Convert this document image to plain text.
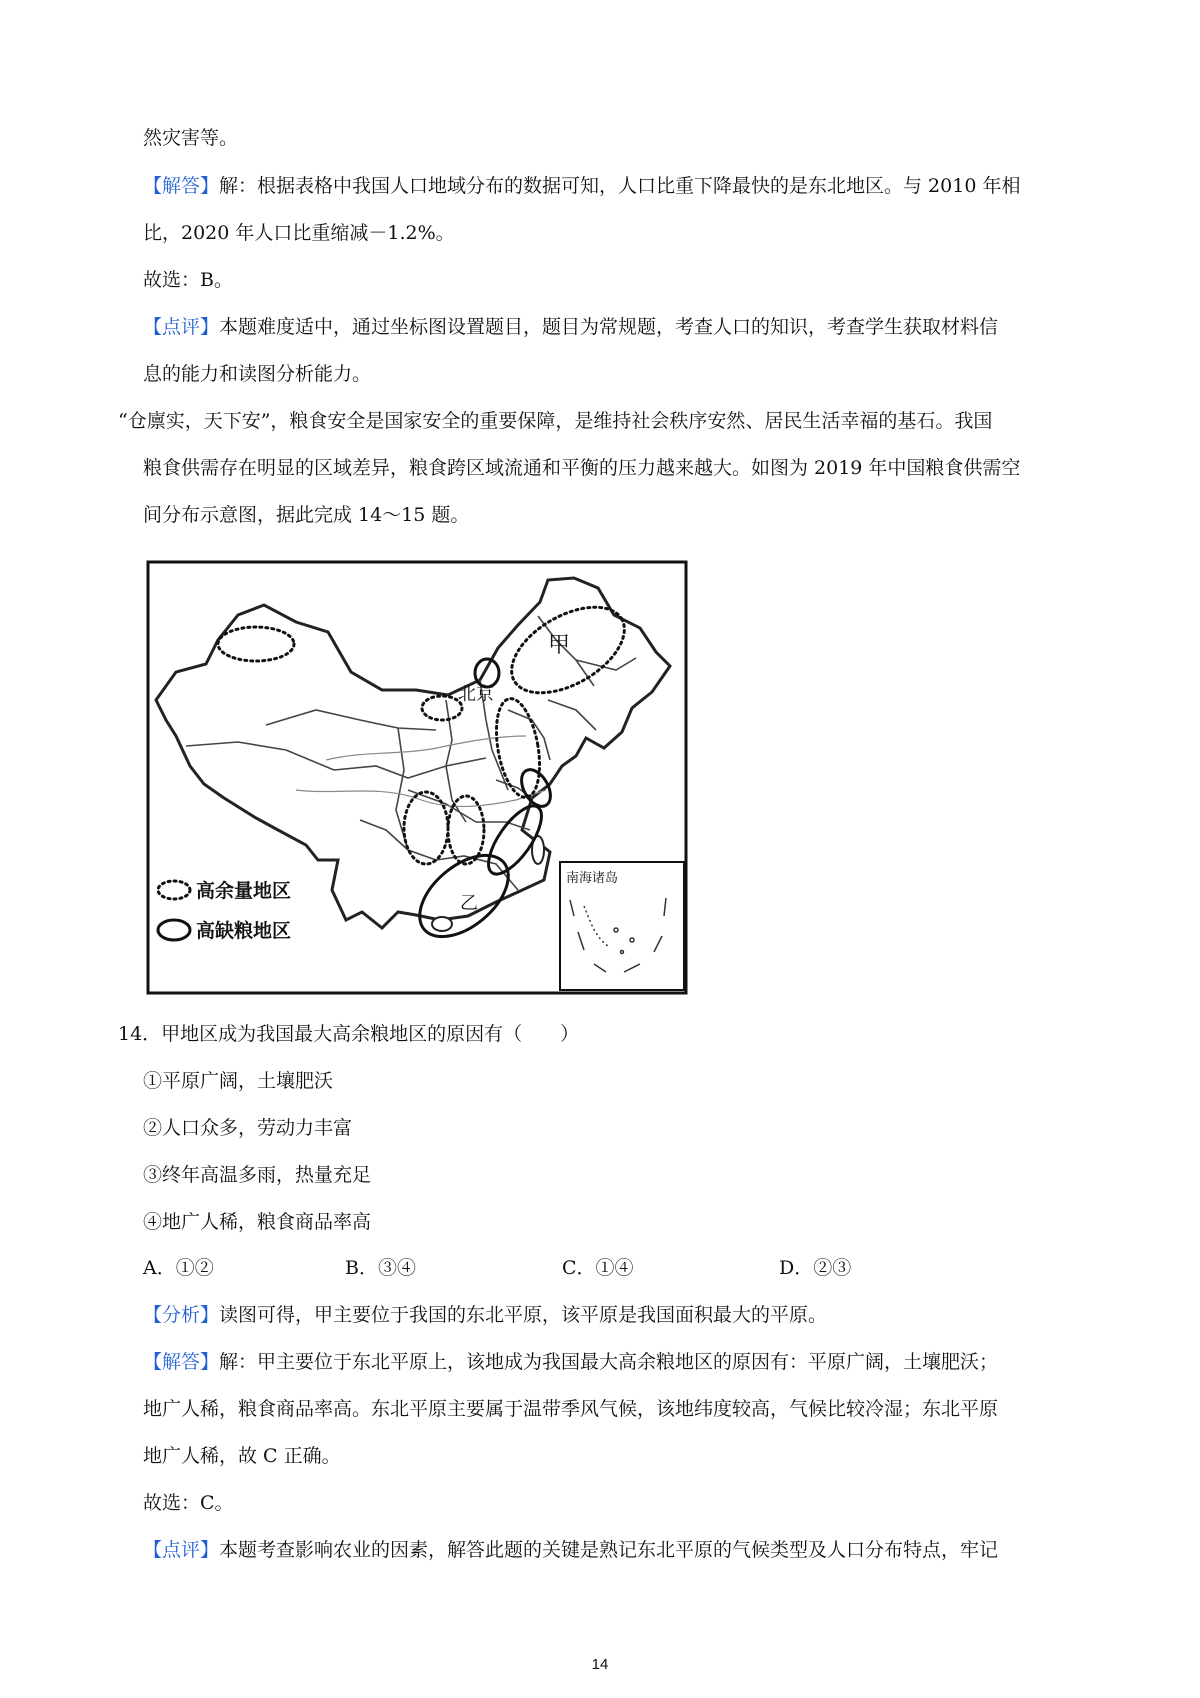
然灾害等。
【解答】解：根据表格中我国人口地域分布的数据可知，人口比重下降最快的是东北地区。与 2010 年相
比，2020 年人口比重缩减－1.2%。
故选：B。
【点评】本题难度适中，通过坐标图设置题目，题目为常规题，考查人口的知识，考查学生获取材料信
息的能力和读图分析能力。
“仓廪实，天下安”，粮食安全是国家安全的重要保障，是维持社会秩序安然、居民生活幸福的基石。我国
粮食供需存在明显的区域差异，粮食跨区域流通和平衡的压力越来越大。如图为 2019 年中国粮食供需空
间分布示意图，据此完成 14～15 题。
甲
北京
乙
南海诸岛
高余量地区
高缺粮地区
14．甲地区成为我国最大高余粮地区的原因有（　　）
①平原广阔，土壤肥沃
②人口众多，劳动力丰富
③终年高温多雨，热量充足
④地广人稀，粮食商品率高
A．①②	B．③④	C．①④	D．②③
【分析】读图可得，甲主要位于我国的东北平原，该平原是我国面积最大的平原。
【解答】解：甲主要位于东北平原上，该地成为我国最大高余粮地区的原因有：平原广阔，土壤肥沃；
地广人稀，粮食商品率高。东北平原主要属于温带季风气候，该地纬度较高，气候比较冷湿；东北平原
地广人稀，故 C 正确。
故选：C。
【点评】本题考查影响农业的因素，解答此题的关键是熟记东北平原的气候类型及人口分布特点，牢记
14
